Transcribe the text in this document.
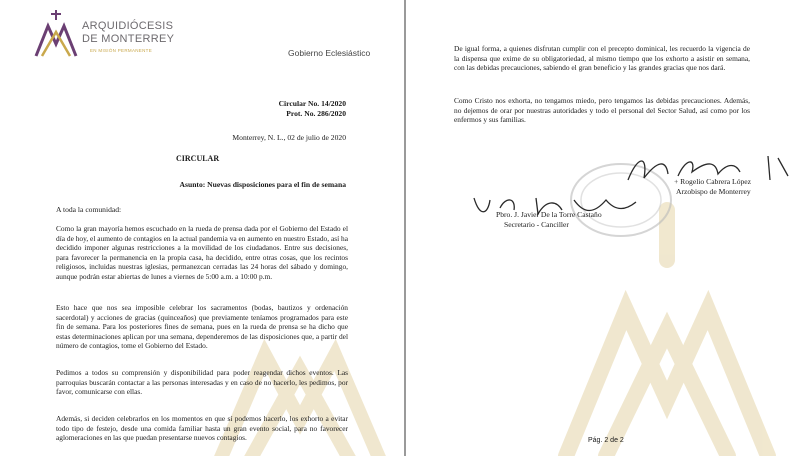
ARQUIDIÓCESIS
DE MONTERREY
EN MISIÓN PERMANENTE	Gobierno Eclesiástico
Circular No. 14/2020
Prot. No. 286/2020
Monterrey, N. L., 02 de julio de 2020
CIRCULAR
Asunto: Nuevas disposiciones para el fin de semana
A toda la comunidad:
Como la gran mayoría hemos escuchado en la rueda de prensa dada por el Gobierno del Estado el día de hoy, el aumento de contagios en la actual pandemia va en aumento en nuestro Estado, así ha decidido imponer algunas restricciones a la movilidad de los ciudadanos. Entre sus decisiones, para favorecer la permanencia en la propia casa, ha decidido, entre otras cosas, que los recintos religiosos, incluidas nuestras iglesias, permanezcan cerradas las 24 horas del sábado y domingo, aunque podrán estar abiertas de lunes a viernes de 5:00 a.m. a 10:00 p.m.
Esto hace que nos sea imposible celebrar los sacramentos (bodas, bautizos y ordenación sacerdotal) y acciones de gracias (quinceaños) que previamente teníamos programados para este fin de semana. Para los posteriores fines de semana, pues en la rueda de prensa se ha dicho que estas determinaciones aplican por una semana, dependeremos de las disposiciones que, a partir del número de contagios, tome el Gobierno del Estado.
Pedimos a todos su comprensión y disponibilidad para poder reagendar dichos eventos. Las parroquias buscarán contactar a las personas interesadas y en caso de no hacerlo, les pedimos, por favor, comunicarse con ellas.
Además, si deciden celebrarlos en los momentos en que sí podemos hacerlo, los exhorto a evitar todo tipo de festejo, desde una comida familiar hasta un gran evento social, para no favorecer aglomeraciones en las que puedan presentarse nuevos contagios.
De igual forma, a quienes disfrutan cumplir con el precepto dominical, les recuerdo la vigencia de la dispensa que exime de su obligatoriedad, al mismo tiempo que los exhorto a asistir en semana, con las debidas precauciones, sabiendo el gran beneficio y las grandes gracias que nos dará.
Como Cristo nos exhorta, no tengamos miedo, pero tengamos las debidas precauciones. Además, no dejemos de orar por nuestras autoridades y todo el personal del Sector Salud, así como por los enfermos y sus familias.
+ Rogelio Cabrera López
Arzobispo de Monterrey
Pbro. J. Javier De la Torre Castaño
Secretario - Canciller
Pág. 2 de 2
